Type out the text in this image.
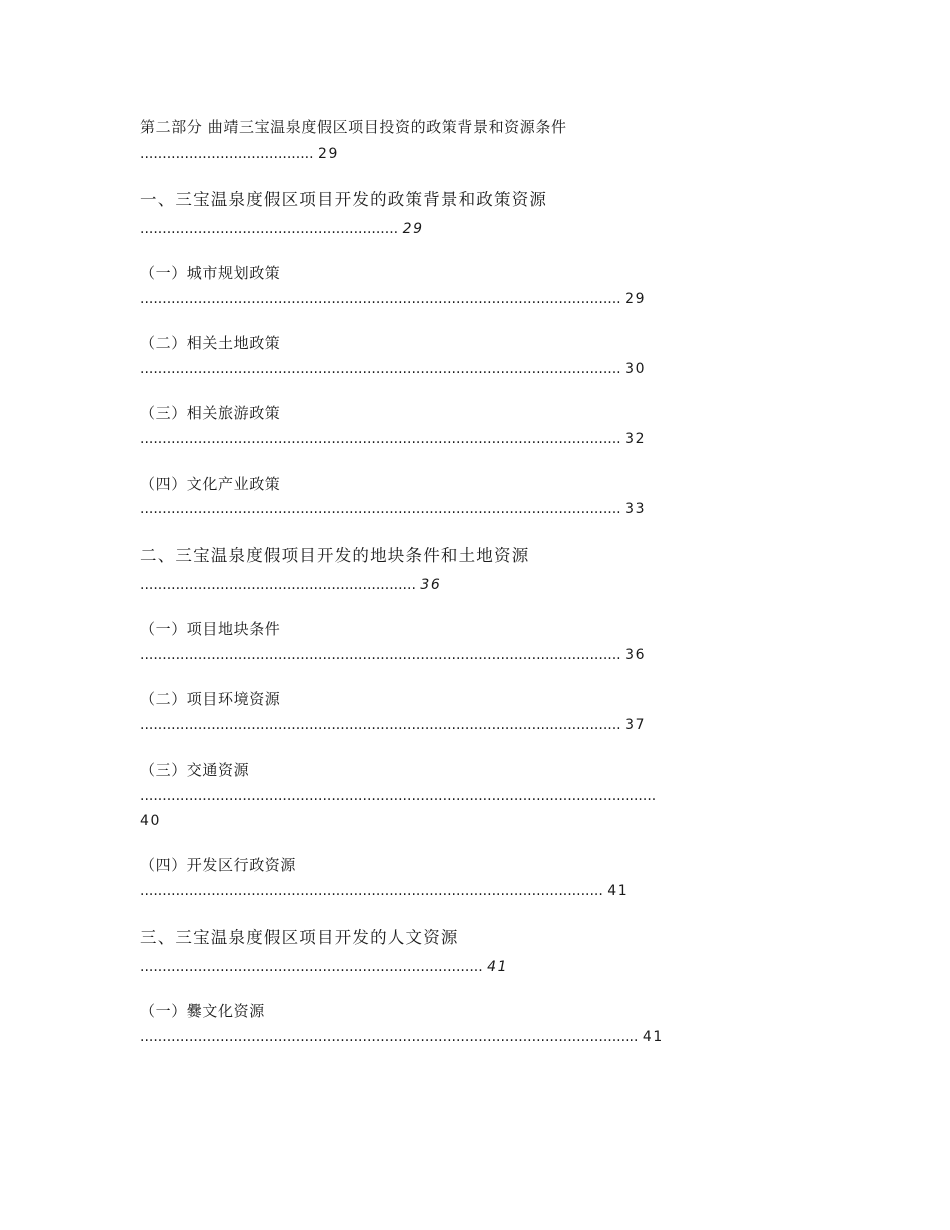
第二部分 曲靖三宝温泉度假区项目投资的政策背景和资源条件
....................................... 29
一、三宝温泉度假区项目开发的政策背景和政策资源
.......................................................... 29
（一）城市规划政策
............................................................................................................ 29
（二）相关土地政策
............................................................................................................ 30
（三）相关旅游政策
............................................................................................................ 32
（四）文化产业政策
............................................................................................................ 33
二、三宝温泉度假项目开发的地块条件和土地资源
.............................................................. 36
（一）项目地块条件
............................................................................................................ 36
（二）项目环境资源
............................................................................................................ 37
（三）交通资源
....................................................................................................................
40
（四）开发区行政资源
........................................................................................................ 41
三、三宝温泉度假区项目开发的人文资源
............................................................................. 41
（一）爨文化资源
................................................................................................................ 41
